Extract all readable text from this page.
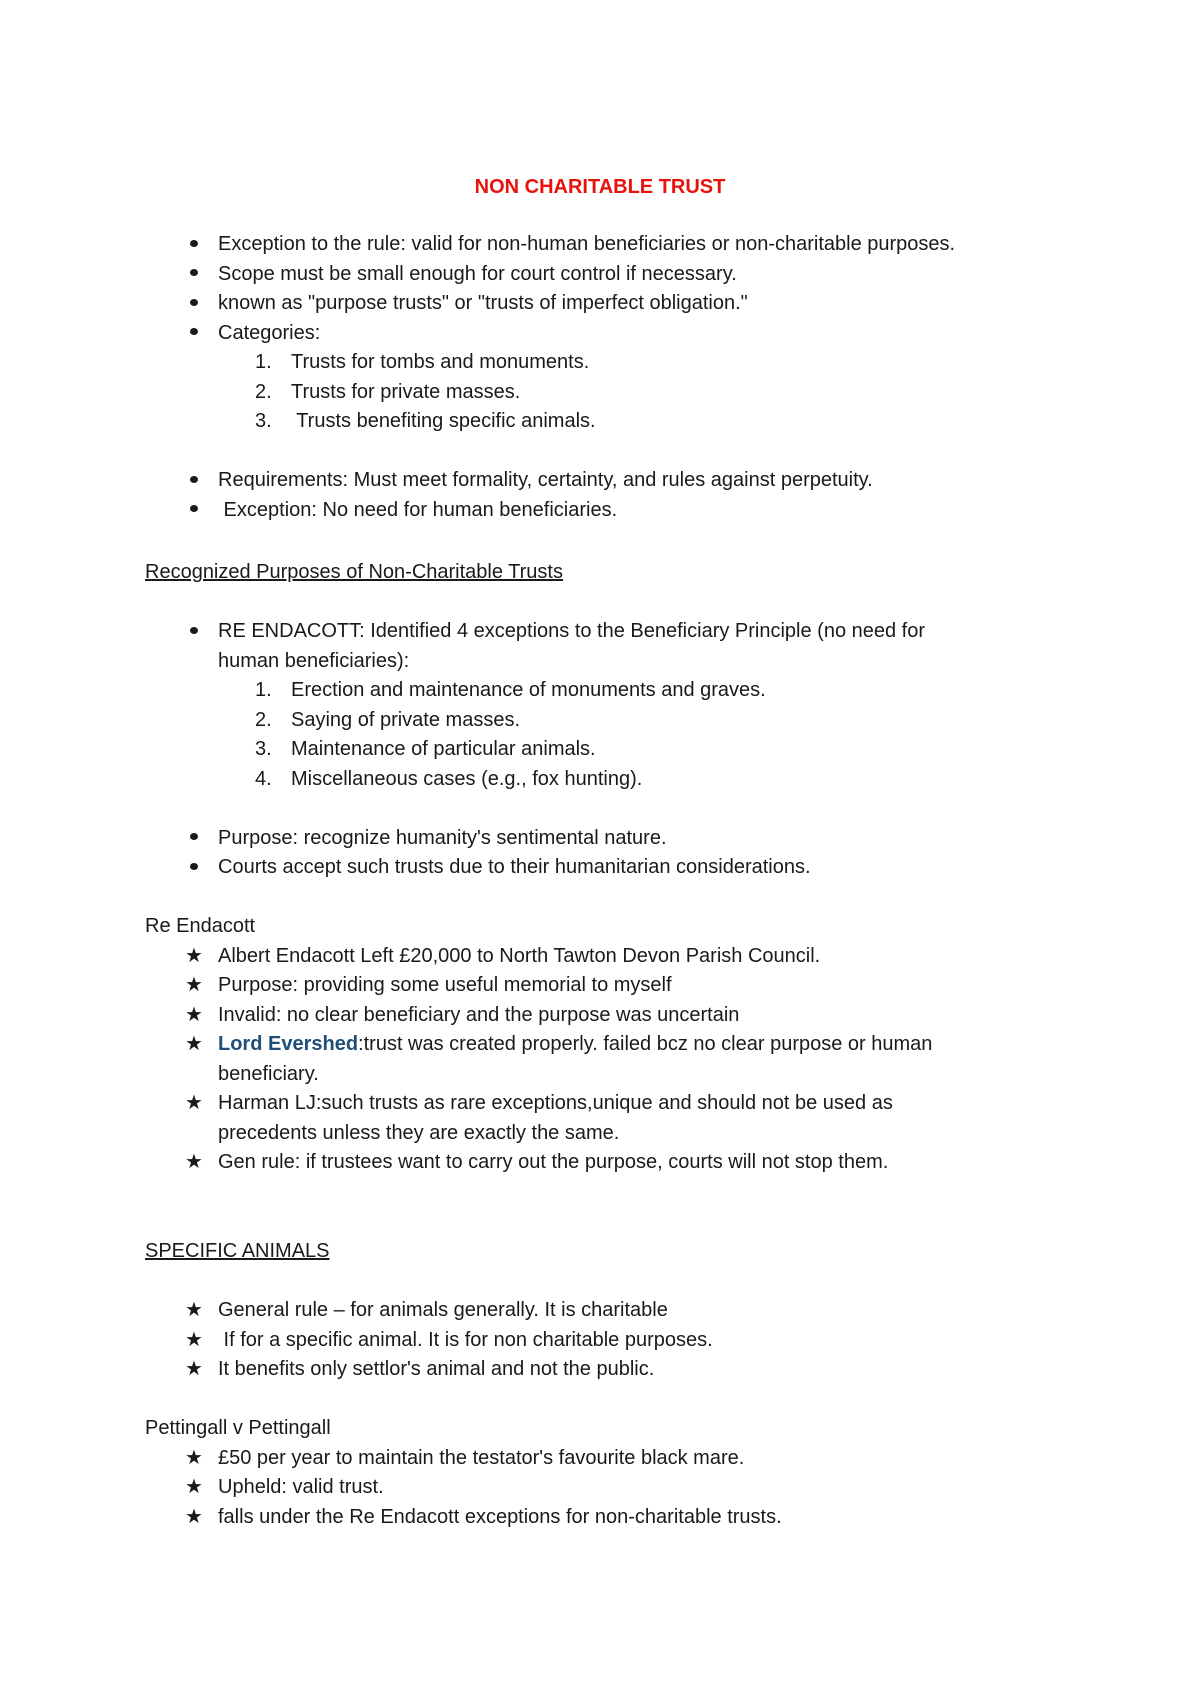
NON CHARITABLE TRUST
Exception to the rule: valid for non-human beneficiaries or non-charitable purposes.
Scope must be small enough for court control if necessary.
known as "purpose trusts" or "trusts of imperfect obligation."
Categories:
1. Trusts for tombs and monuments.
2. Trusts for private masses.
3. Trusts benefiting specific animals.
Requirements: Must meet formality, certainty, and rules against perpetuity.
Exception: No need for human beneficiaries.
Recognized Purposes of Non-Charitable Trusts
RE ENDACOTT: Identified 4 exceptions to the Beneficiary Principle (no need for
human beneficiaries):
1. Erection and maintenance of monuments and graves.
2. Saying of private masses.
3. Maintenance of particular animals.
4. Miscellaneous cases (e.g., fox hunting).
Purpose: recognize humanity's sentimental nature.
Courts accept such trusts due to their humanitarian considerations.
Re Endacott
★ Albert Endacott Left £20,000 to North Tawton Devon Parish Council.
★ Purpose: providing some useful memorial to myself
★ Invalid: no clear beneficiary and the purpose was uncertain
★ Lord Evershed:trust was created properly. failed bcz no clear purpose or human
beneficiary.
★ Harman LJ:such trusts as rare exceptions,unique and should not be used as
precedents unless they are exactly the same.
★ Gen rule: if trustees want to carry out the purpose, courts will not stop them.
SPECIFIC ANIMALS
★ General rule – for animals generally. It is charitable
★ If for a specific animal. It is for non charitable purposes.
★ It benefits only settlor's animal and not the public.
Pettingall v Pettingall
★ £50 per year to maintain the testator's favourite black mare.
★ Upheld: valid trust.
★ falls under the Re Endacott exceptions for non-charitable trusts.
